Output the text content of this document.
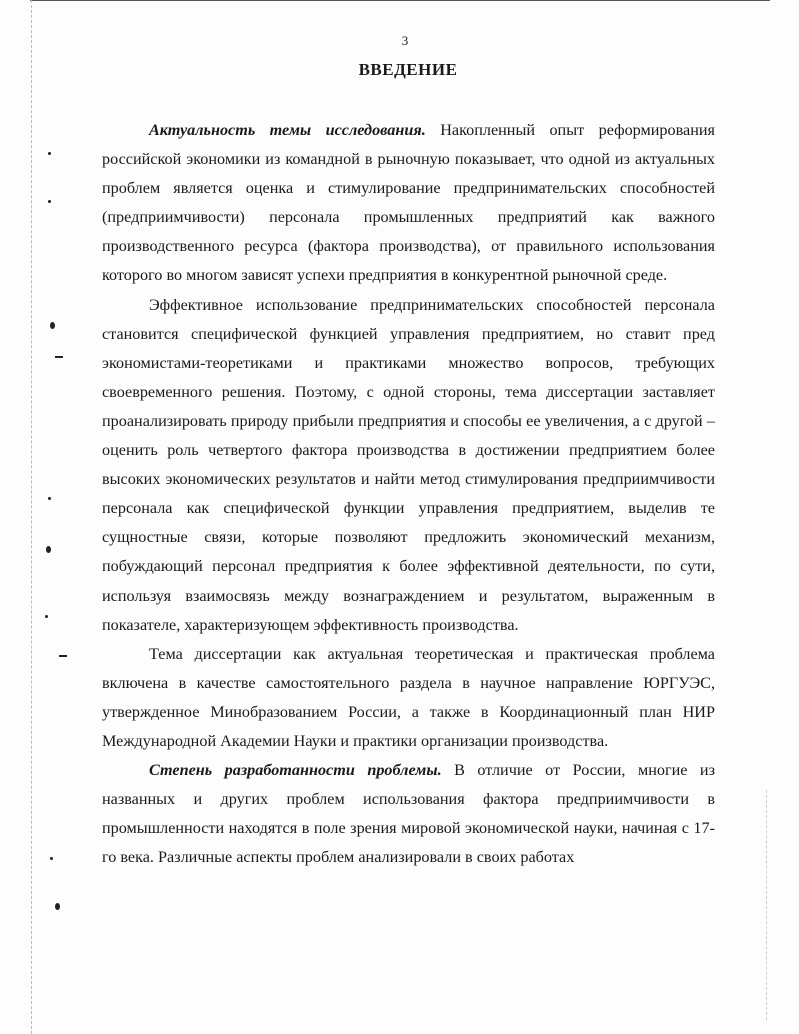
3
ВВЕДЕНИЕ

Актуальность темы исследования. Накопленный опыт реформирования российской экономики из командной в рыночную показывает, что одной из актуальных проблем является оценка и стимулирование предпринимательских способностей (предприимчивости) персонала промышленных предприятий как важного производственного ресурса (фактора производства), от правильного использования которого во многом зависят успехи предприятия в конкурентной рыночной среде.

Эффективное использование предпринимательских способностей персонала становится специфической функцией управления предприятием, но ставит пред экономистами-теоретиками и практиками множество вопросов, требующих своевременного решения. Поэтому, с одной стороны, тема диссертации заставляет проанализировать природу прибыли предприятия и способы ее увеличения, а с другой – оценить роль четвертого фактора производства в достижении предприятием более высоких экономических результатов и найти метод стимулирования предприимчивости персонала как специфической функции управления предприятием, выделив те сущностные связи, которые позволяют предложить экономический механизм, побуждающий персонал предприятия к более эффективной деятельности, по сути, используя взаимосвязь между вознаграждением и результатом, выраженным в показателе, характеризующем эффективность производства.

Тема диссертации как актуальная теоретическая и практическая проблема включена в качестве самостоятельного раздела в научное направление ЮРГУЭС, утвержденное Минобразованием России, а также в Координационный план НИР Международной Академии Науки и практики организации производства.

Степень разработанности проблемы. В отличие от России, многие из названных и других проблем использования фактора предприимчивости в промышленности находятся в поле зрения мировой экономической науки, начиная с 17-го века. Различные аспекты проблем анализировали в своих работах
